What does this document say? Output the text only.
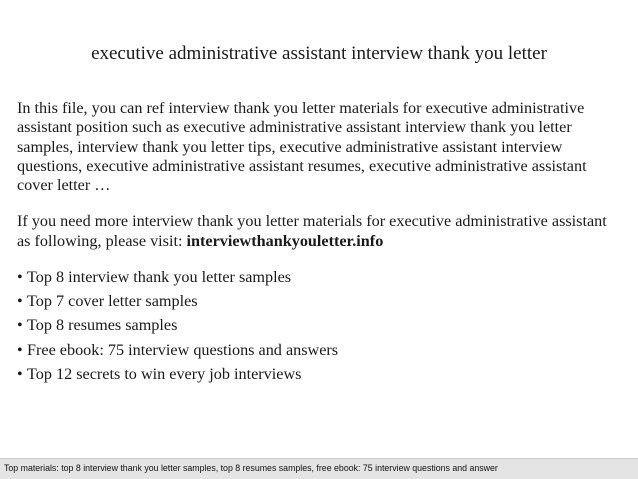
executive administrative assistant interview thank you letter

In this file, you can ref interview thank you letter materials for executive administrative assistant position such as executive administrative assistant interview thank you letter samples, interview thank you letter tips, executive administrative assistant interview questions, executive administrative assistant resumes, executive administrative assistant cover letter …

If you need more interview thank you letter materials for executive administrative assistant as following, please visit: interviewthankyouletter.info

• Top 8 interview thank you letter samples
• Top 7 cover letter samples
• Top 8 resumes samples
• Free ebook: 75 interview questions and answers
• Top 12 secrets to win every job interviews
Top materials: top 8 interview thank you letter samples, top 8 resumes samples, free ebook: 75 interview questions and answer
